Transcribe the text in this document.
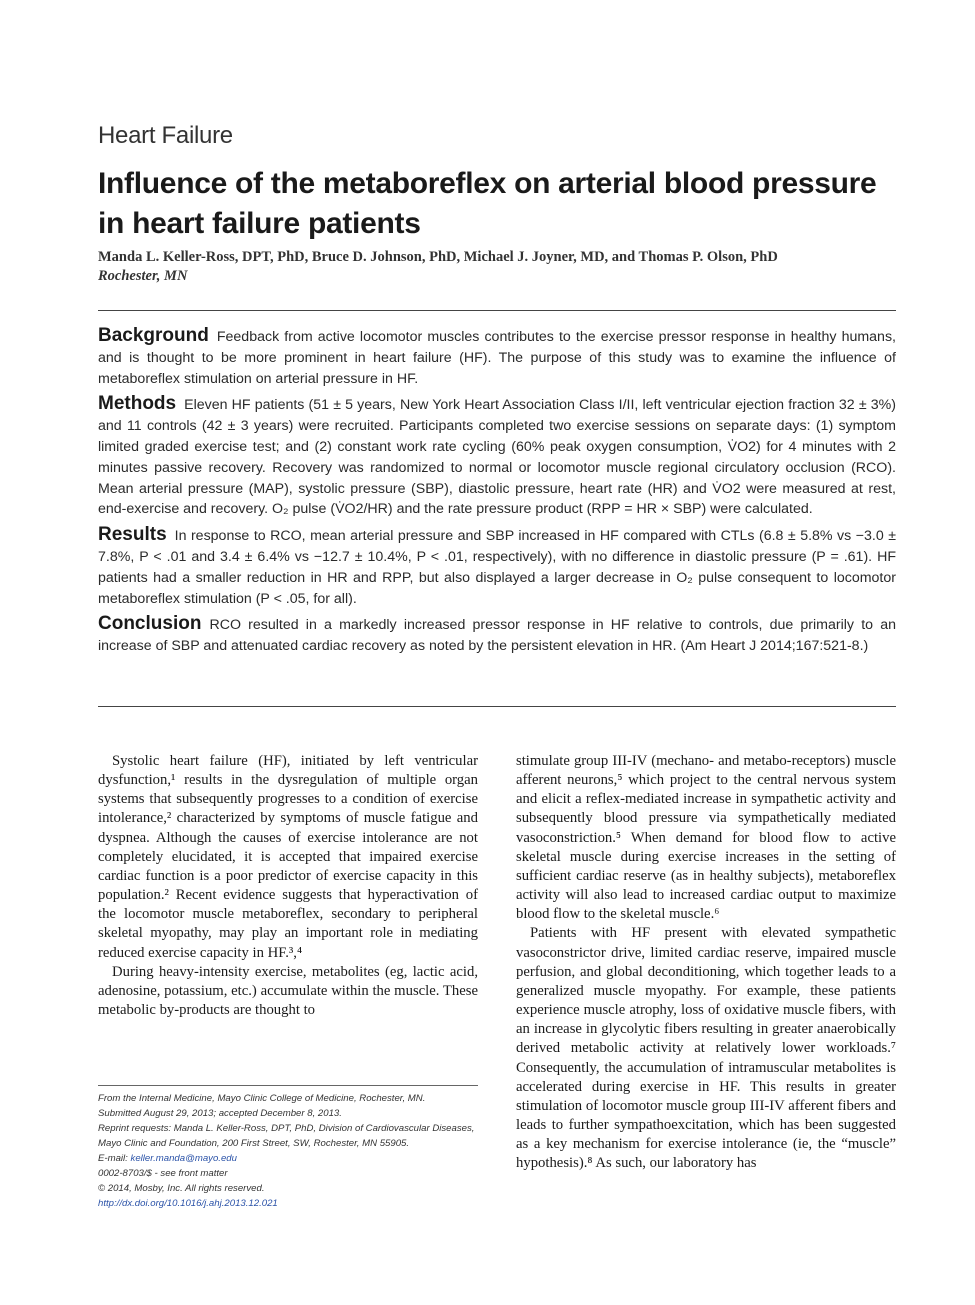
Heart Failure
Influence of the metaboreflex on arterial blood pressure in heart failure patients
Manda L. Keller-Ross, DPT, PhD, Bruce D. Johnson, PhD, Michael J. Joyner, MD, and Thomas P. Olson, PhD
Rochester, MN

Background Feedback from active locomotor muscles contributes to the exercise pressor response in healthy humans, and is thought to be more prominent in heart failure (HF). The purpose of this study was to examine the influence of metaboreflex stimulation on arterial pressure in HF.

Methods Eleven HF patients (51 ± 5 years, New York Heart Association Class I/II, left ventricular ejection fraction 32 ± 3%) and 11 controls (42 ± 3 years) were recruited. Participants completed two exercise sessions on separate days: (1) symptom limited graded exercise test; and (2) constant work rate cycling (60% peak oxygen consumption, V̇O2) for 4 minutes with 2 minutes passive recovery. Recovery was randomized to normal or locomotor muscle regional circulatory occlusion (RCO). Mean arterial pressure (MAP), systolic pressure (SBP), diastolic pressure, heart rate (HR) and V̇O2 were measured at rest, end-exercise and recovery. O₂ pulse (V̇O2/HR) and the rate pressure product (RPP = HR × SBP) were calculated.

Results In response to RCO, mean arterial pressure and SBP increased in HF compared with CTLs (6.8 ± 5.8% vs −3.0 ± 7.8%, P < .01 and 3.4 ± 6.4% vs −12.7 ± 10.4%, P < .01, respectively), with no difference in diastolic pressure (P = .61). HF patients had a smaller reduction in HR and RPP, but also displayed a larger decrease in O₂ pulse consequent to locomotor metaboreflex stimulation (P < .05, for all).

Conclusion RCO resulted in a markedly increased pressor response in HF relative to controls, due primarily to an increase of SBP and attenuated cardiac recovery as noted by the persistent elevation in HR. (Am Heart J 2014;167:521-8.)

Systolic heart failure (HF), initiated by left ventricular dysfunction,¹ results in the dysregulation of multiple organ systems that subsequently progresses to a condition of exercise intolerance,² characterized by symptoms of muscle fatigue and dyspnea. Although the causes of exercise intolerance are not completely elucidated, it is accepted that impaired exercise cardiac function is a poor predictor of exercise capacity in this population.² Recent evidence suggests that hyperactivation of the locomotor muscle metaboreflex, secondary to peripheral skeletal myopathy, may play an important role in mediating reduced exercise capacity in HF.³,⁴

During heavy-intensity exercise, metabolites (eg, lactic acid, adenosine, potassium, etc.) accumulate within the muscle. These metabolic by-products are thought to

stimulate group III-IV (mechano- and metabo-receptors) muscle afferent neurons,⁵ which project to the central nervous system and elicit a reflex-mediated increase in sympathetic activity and subsequently blood pressure via sympathetically mediated vasoconstriction.⁵ When demand for blood flow to active skeletal muscle during exercise increases in the setting of sufficient cardiac reserve (as in healthy subjects), metaboreflex activity will also lead to increased cardiac output to maximize blood flow to the skeletal muscle.⁶

Patients with HF present with elevated sympathetic vasoconstrictor drive, limited cardiac reserve, impaired muscle perfusion, and global deconditioning, which together leads to a generalized muscle myopathy. For example, these patients experience muscle atrophy, loss of oxidative muscle fibers, with an increase in glycolytic fibers resulting in greater anaerobically derived metabolic activity at relatively lower workloads.⁷ Consequently, the accumulation of intramuscular metabolites is accelerated during exercise in HF. This results in greater stimulation of locomotor muscle group III-IV afferent fibers and leads to further sympathoexcitation, which has been suggested as a key mechanism for exercise intolerance (ie, the “muscle” hypothesis).⁸ As such, our laboratory has

From the Internal Medicine, Mayo Clinic College of Medicine, Rochester, MN.
Submitted August 29, 2013; accepted December 8, 2013.
Reprint requests: Manda L. Keller-Ross, DPT, PhD, Division of Cardiovascular Diseases,
Mayo Clinic and Foundation, 200 First Street, SW, Rochester, MN 55905.
E-mail: keller.manda@mayo.edu
0002-8703/$ - see front matter
© 2014, Mosby, Inc. All rights reserved.
http://dx.doi.org/10.1016/j.ahj.2013.12.021
